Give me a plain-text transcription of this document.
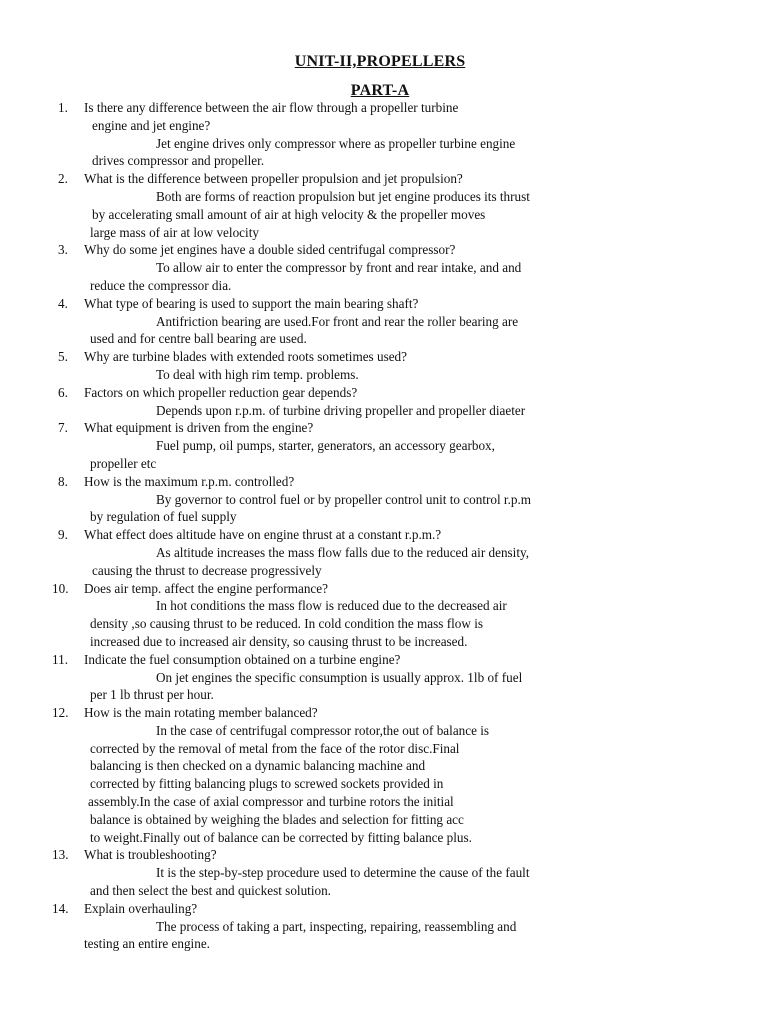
UNIT-II,PROPELLERS
PART-A
1.	Is there any difference between the air flow through a propeller turbine
engine and jet engine?
Jet engine drives only compressor where as propeller turbine engine
drives compressor and propeller.
2.	What is the difference between propeller propulsion and jet propulsion?
Both are forms of reaction propulsion but jet engine produces its thrust
by accelerating small amount of air at high velocity & the propeller moves
large mass of air at low velocity
3.	Why do some jet engines have a double sided centrifugal compressor?
To allow air to enter the compressor by front and rear intake, and and
reduce the compressor dia.
4.	What type of bearing is used to support the main bearing shaft?
Antifriction bearing are used.For front and rear the roller bearing are
used and for centre ball bearing are used.
5.	Why are turbine blades with extended roots sometimes used?
To deal with high rim temp. problems.
6.	Factors on which propeller reduction gear depends?
Depends upon r.p.m. of turbine driving propeller and propeller diaeter
7.	What equipment is driven from the engine?
Fuel pump, oil pumps, starter, generators, an accessory gearbox,
propeller etc
8.	How is the maximum r.p.m. controlled?
By governor to control fuel or by propeller control unit to control r.p.m
by regulation of fuel supply
9.	What effect does altitude have on engine thrust at a constant r.p.m.?
As altitude increases the mass flow falls due to the reduced air density,
causing the thrust to decrease progressively
10.	Does air temp. affect the engine performance?
In hot conditions the mass flow is reduced due to the decreased air
density ,so causing thrust to be reduced. In cold condition the mass flow is
increased due to increased air density, so causing thrust to be increased.
11.	Indicate the fuel consumption obtained on a turbine engine?
On jet engines the specific consumption is usually approx. 1lb of fuel
per 1 lb thrust per hour.
12.	How is the main rotating member balanced?
In the case of centrifugal compressor rotor,the out of balance is
corrected by the removal of metal from the face of the rotor disc.Final
balancing is then checked on a dynamic balancing machine and
corrected by fitting balancing plugs to screwed sockets provided in
assembly.In the case of axial compressor and turbine rotors the initial
balance is obtained by weighing the blades and selection for fitting acc
to weight.Finally out of balance can be corrected by fitting balance plus.
13.	What is troubleshooting?
It is the step-by-step procedure used to determine the cause of the fault
and then select the best and quickest solution.
14.	Explain overhauling?
The process of taking a part, inspecting, repairing, reassembling and
testing an entire engine.
